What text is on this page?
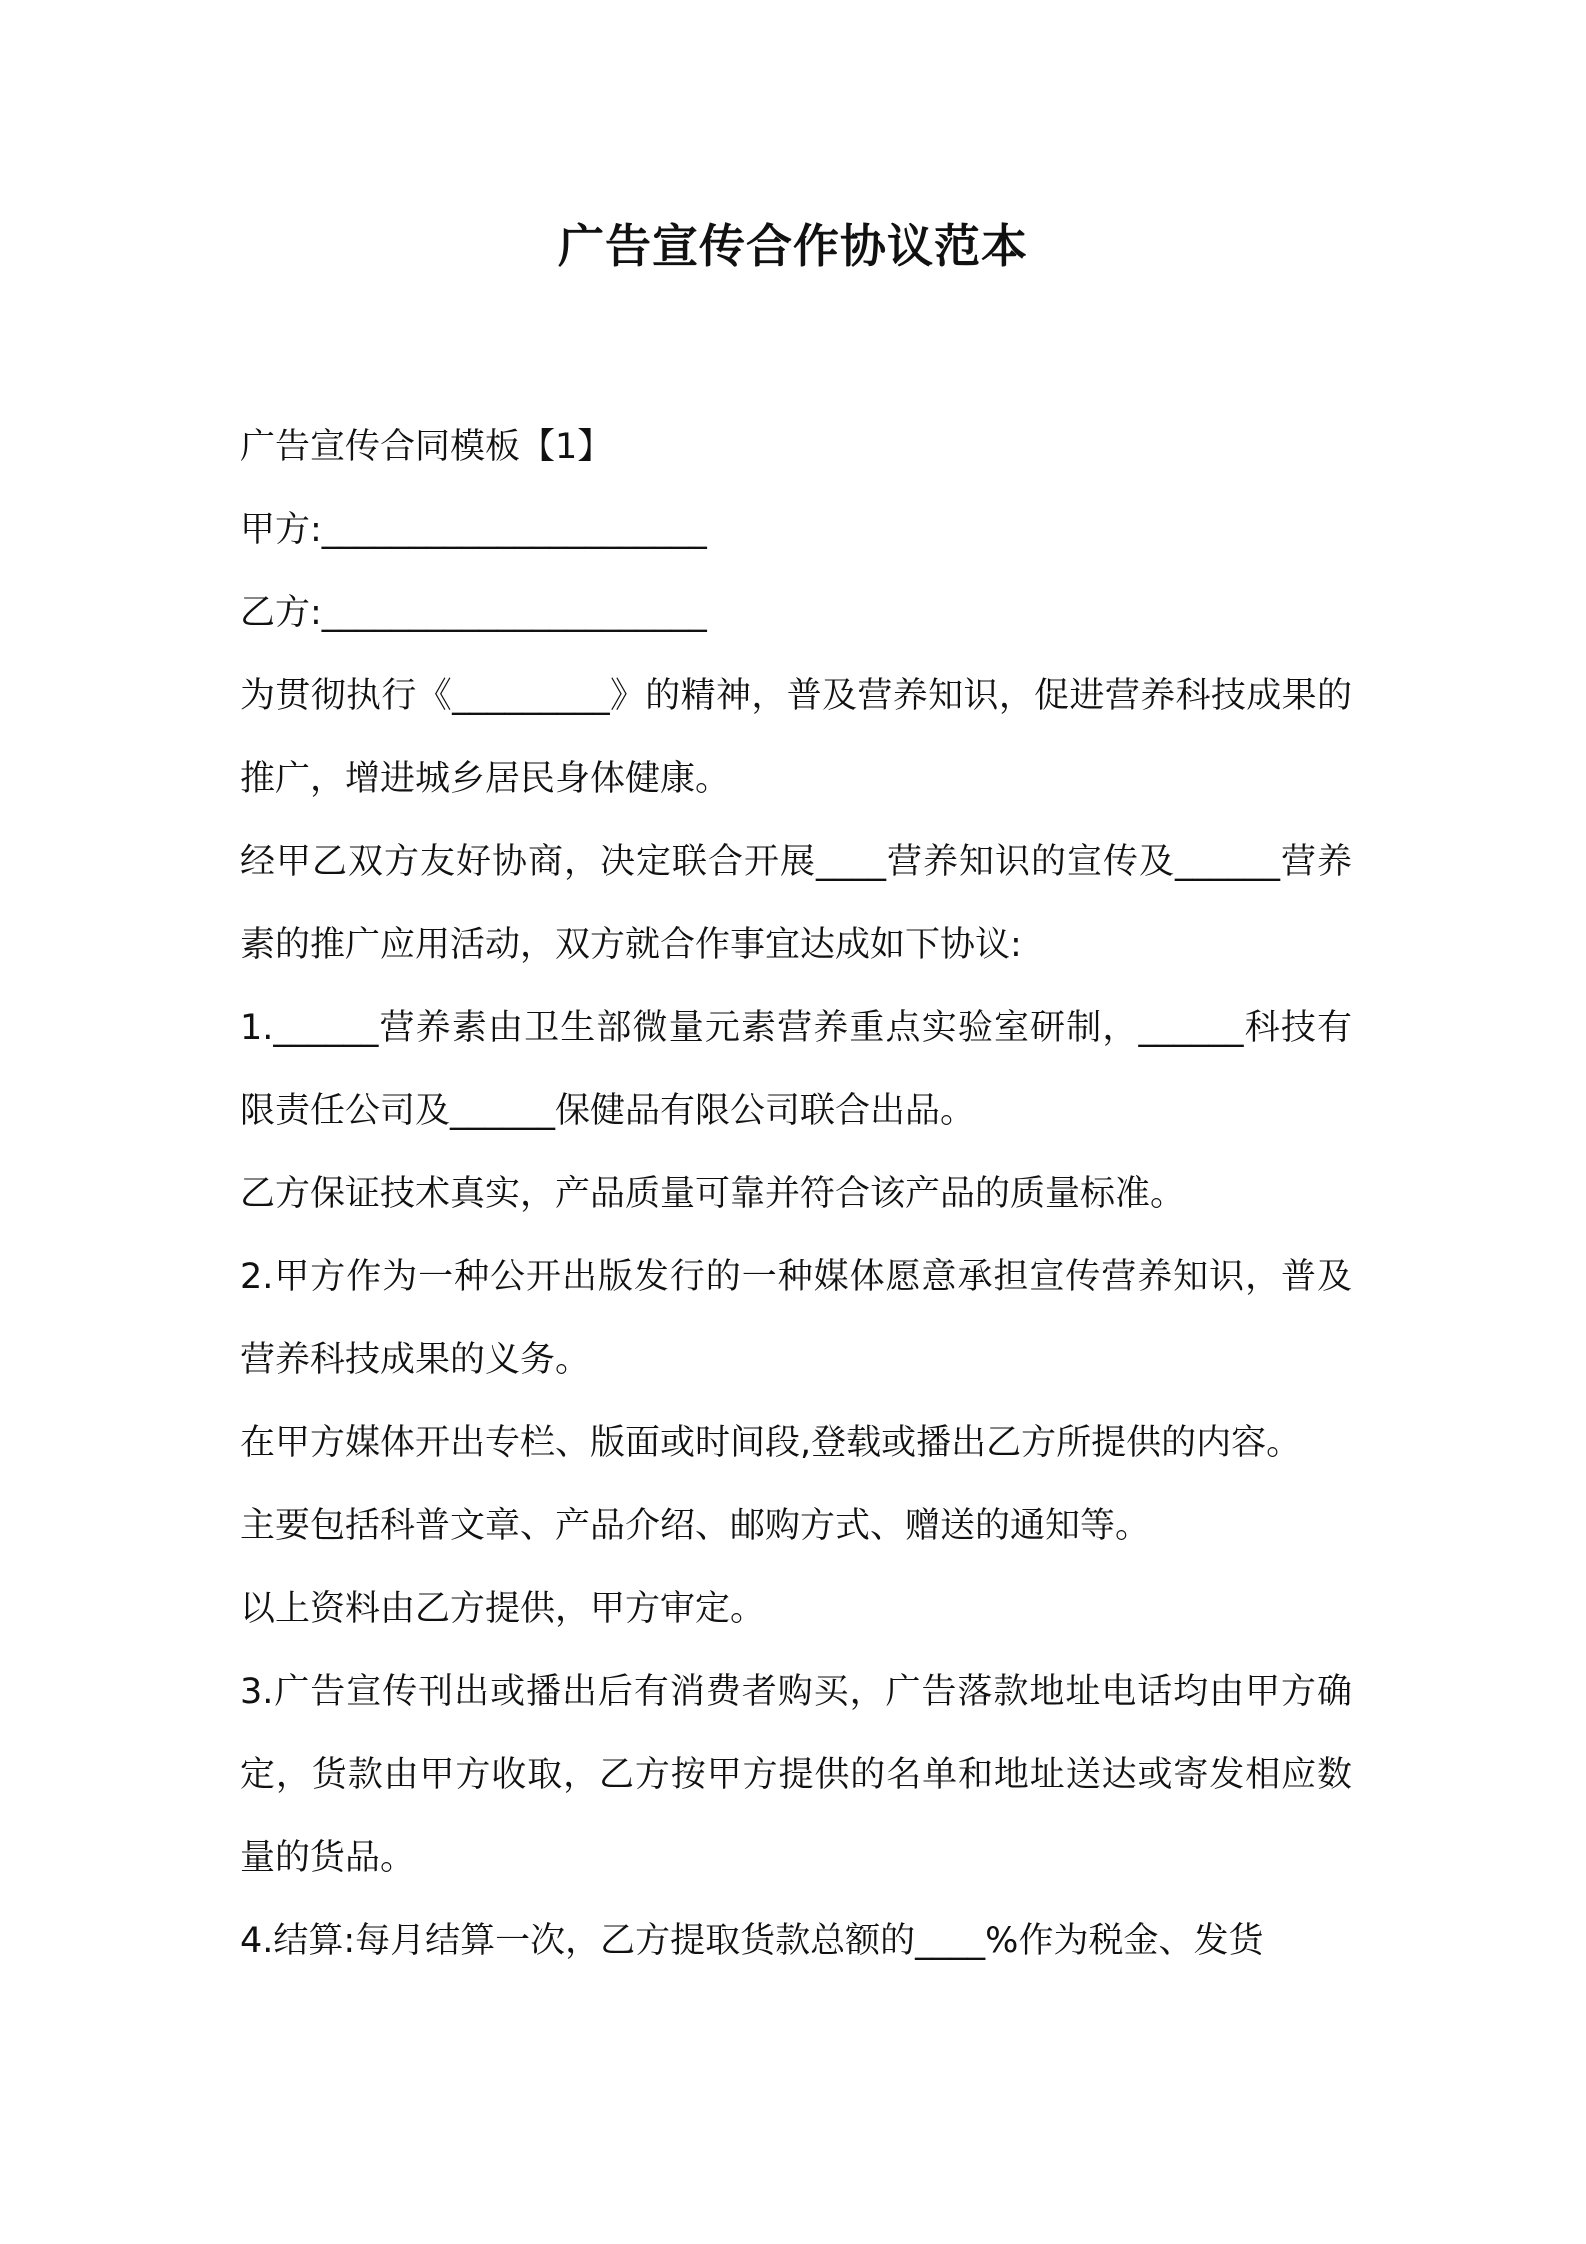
广告宣传合作协议范本

广告宣传合同模板【1】

甲方:______________________

乙方:______________________

为贯彻执行《_________》的精神，普及营养知识，促进营养科技成果的推广，增进城乡居民身体健康。

经甲乙双方友好协商，决定联合开展____营养知识的宣传及______营养素的推广应用活动，双方就合作事宜达成如下协议:

1.______营养素由卫生部微量元素营养重点实验室研制，______科技有限责任公司及______保健品有限公司联合出品。

乙方保证技术真实，产品质量可靠并符合该产品的质量标准。

2.甲方作为一种公开出版发行的一种媒体愿意承担宣传营养知识，普及营养科技成果的义务。

在甲方媒体开出专栏、版面或时间段,登载或播出乙方所提供的内容。

主要包括科普文章、产品介绍、邮购方式、赠送的通知等。

以上资料由乙方提供，甲方审定。

3.广告宣传刊出或播出后有消费者购买，广告落款地址电话均由甲方确定，货款由甲方收取，乙方按甲方提供的名单和地址送达或寄发相应数量的货品。

4.结算:每月结算一次，乙方提取货款总额的____%作为税金、发货
